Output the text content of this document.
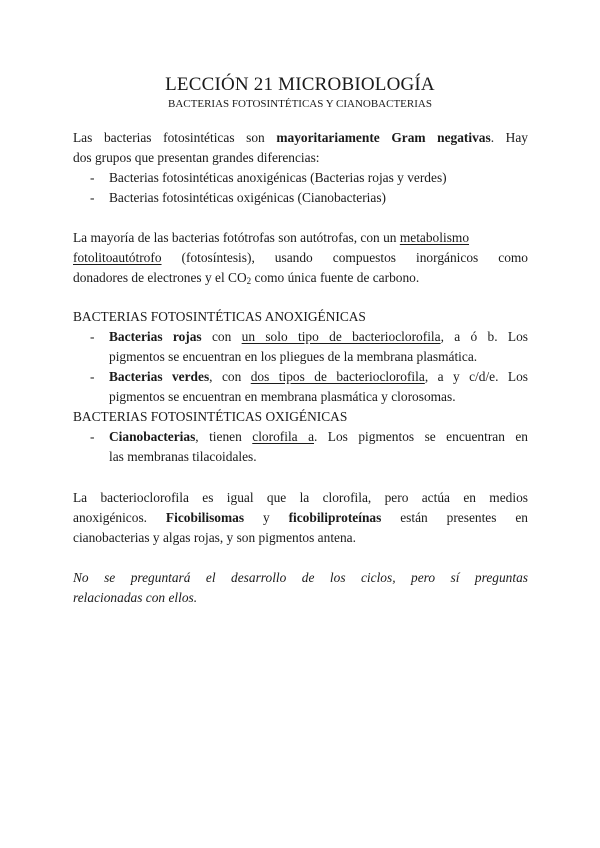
LECCIÓN 21 MICROBIOLOGÍA
BACTERIAS FOTOSINTÉTICAS Y CIANOBACTERIAS
Las bacterias fotosintéticas son mayoritariamente Gram negativas. Hay
dos grupos que presentan grandes diferencias:
- Bacterias fotosintéticas anoxigénicas (Bacterias rojas y verdes)
- Bacterias fotosintéticas oxigénicas (Cianobacterias)
La mayoría de las bacterias fotótrofas son autótrofas, con un metabolismo
fotolitoautótrofo (fotosíntesis), usando compuestos inorgánicos como
donadores de electrones y el $CO_2$ como única fuente de carbono.
BACTERIAS FOTOSINTÉTICAS ANOXIGÉNICAS
- Bacterias rojas con un solo tipo de bacterioclorofila, a ó b. Los
pigmentos se encuentran en los pliegues de la membrana plasmática.
- Bacterias verdes, con dos tipos de bacterioclorofila, a y c/d/e. Los
pigmentos se encuentran en membrana plasmática y clorosomas.
BACTERIAS FOTOSINTÉTICAS OXIGÉNICAS
- Cianobacterias, tienen clorofila a. Los pigmentos se encuentran en
las membranas tilacoidales.
La bacterioclorofila es igual que la clorofila, pero actúa en medios
anoxigénicos. Ficobilisomas y ficobiliproteínas están presentes en
cianobacterias y algas rojas, y son pigmentos antena.
No se preguntará el desarrollo de los ciclos, pero sí preguntas
relacionadas con ellos.
